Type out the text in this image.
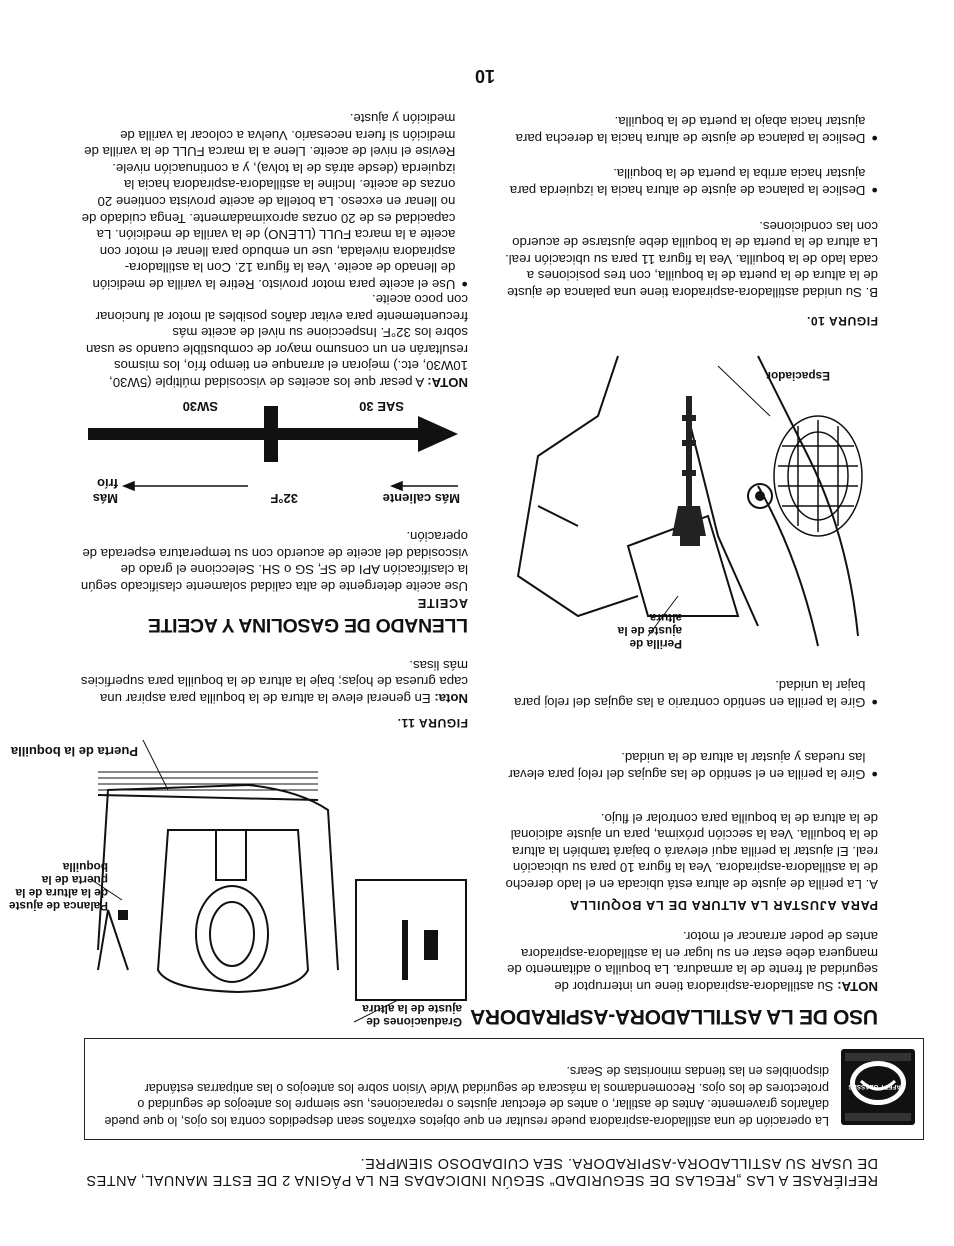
REFIÉRASE A LAS „REGLAS DE SEGURIDAD“ SEGÚN INDICADAS EN LA PÁGINA 2 DE ESTE MANUAL, ANTES DE USAR SU ASTILLADORA-ASPIRADORA. SEA CUIDADOSO SIEMPRE.

SAFETY GLASSES

La operación de una astilladora-aspiradora puede resultar en que objetos extraños sean despedidos contra los ojos, lo que puede dañarlos gravemente. Antes de astillar, o antes de efectuar ajustes o reparaciones, use siempre los anteojos de seguridad o protectores de los ojos. Recomendamos la máscara de seguridad Wide Vision sobre los anteojos o las antiparras estándar disponibles en las tiendas minoristas de Sears.

USO DE LA ASTILLADORA-ASPIRADORA

NOTA: Su astilladora-aspiradora tiene un interruptor de seguridad al frente de la armadura. La boquilla o aditamento de manguera debe estar en su lugar en la astilladora-aspiradora antes de poder arrancar el motor.

PARA AJUSTAR LA ALTURA DE LA BOQUILLA

A. La perilla de ajuste de altura está ubicada en el lado derecho de la astilladora-aspiradora. Vea la figura 10 para su ubicación real. El ajustar la perilla aquí elevará o bajará también la altura de la boquilla. Vea la sección próxima, para un ajuste adicional de la altura de la boquilla para controlar el flujo.

●

Gire la perilla en el sentido de las agujas del reloj para elevar las ruedas y ajustar la altura de la unidad.

●

Gire la perilla en sentido contrario a las agujas del reloj para bajar la unidad.

Perilla de ajuste de la altura
Espaciador
FIGURA 10.

B. Su unidad astilladora-aspiradora tiene una palanca de ajuste de la altura de la puerta de la boquilla, con tres posiciones a cada lado de la boquilla. Vea la figura 11 para su ubicación real. La altura de la puerta de la boquilla debe ajustarse de acuerdo con las condiciones.

●

Deslice la palanca de ajuste de altura hacia la izquierda para ajustar hacia arriba la puerta de la boquilla.

●

Deslice la palanca de ajuste de altura hacia la derecha para ajustar hacia abajo la puerta de la boquilla.

Graduaciones de ajuste de la altura
Palanca de ajuste de la altura de la puerta de la boquilla
Puerta de la boquilla
FIGURA 11.

Nota: En general eleve la altura de la boquilla para aspirar una capa gruesa de hojas; baje la altura de la boquilla para superficies más lisas.

LLENADO DE GASOLINA Y ACEITE
ACEITE

Use aceite detergente de alta calidad solamente clasificado según la clasificación API de SF, SG o SH. Seleccione el grado de viscosidad del aceite de acuerdo con su temperatura esperada de operación.

Más caliente
32°F
Más frío
SAE 30
SW30

NOTA: A pesar que los aceites de viscosidad múltiple (5W30, 10W30, etc.) mejoran el arranque en tiempo frío, los mismos resultarán en un consumo mayor de combustible cuando se usan sobre los 32°F. Inspeccione su nivel de aceite más frecuentemente para evitar daños posibles al motor al funcionar con poco aceite.

●

Use el aceite para motor provisto. Retire la varilla de medición de llenado de aceite. Vea la figura 12. Con la astilladora-aspiradora nivelada, use un embudo para llenar el motor con aceite a la marca FULL (LLENO) de la varilla de medición. La capacidad es de 20 onzas aproximadamente. Tenga cuidado de no llenar en exceso. La botella de aceite provista contiene 20 onzas de aceite. Incline la astilladora-aspiradora hacia la izquierda (desde atrás de la tolva), y a continuación nivele. Revise el nivel de aceite. Llene a la marca FULL de la varilla de medición si fuera necesario. Vuelva a colocar la varilla de medición y ajuste.

10
